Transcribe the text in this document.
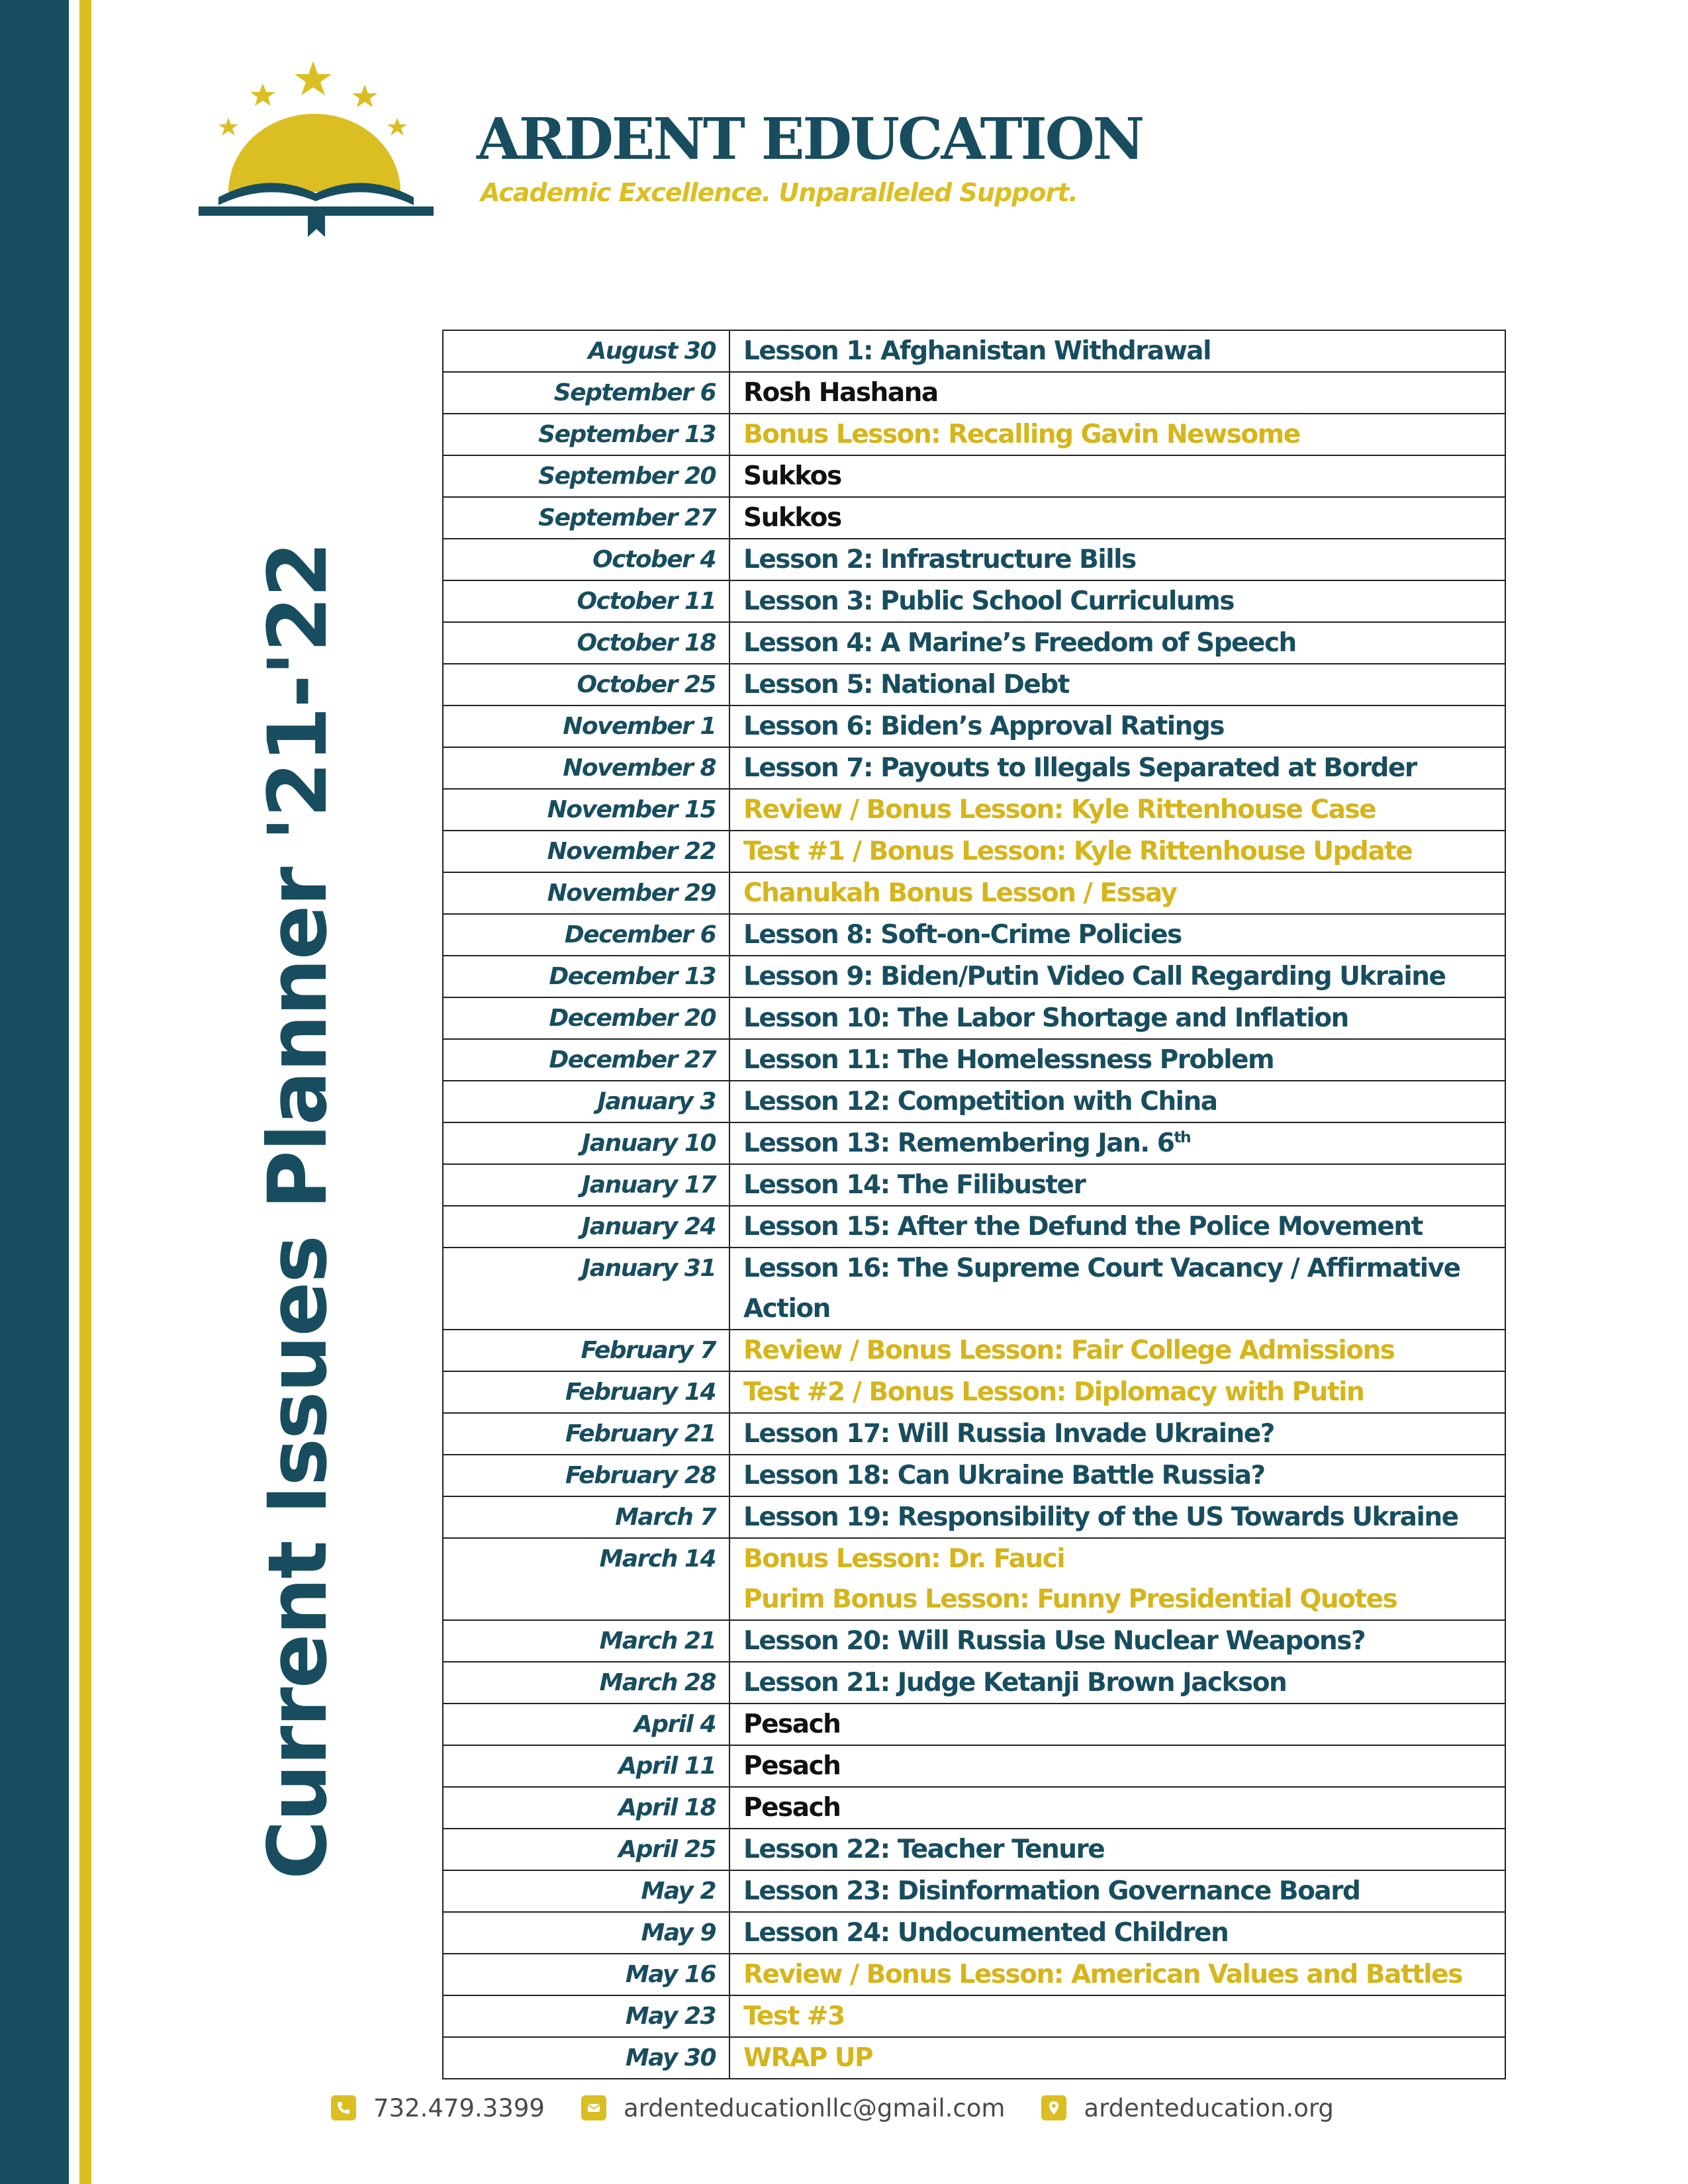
ARDENT EDUCATION
Academic Excellence. Unparalleled Support.
Current Issues Planner '21-'22
August 30	Lesson 1: Afghanistan Withdrawal

September 6	Rosh Hashana

September 13	Bonus Lesson: Recalling Gavin Newsome

September 20	Sukkos

September 27	Sukkos

October 4	Lesson 2: Infrastructure Bills

October 11	Lesson 3: Public School Curriculums

October 18	Lesson 4: A Marine’s Freedom of Speech

October 25	Lesson 5: National Debt

November 1	Lesson 6: Biden’s Approval Ratings

November 8	Lesson 7: Payouts to Illegals Separated at Border

November 15	Review / Bonus Lesson: Kyle Rittenhouse Case

November 22	Test #1 / Bonus Lesson: Kyle Rittenhouse Update

November 29	Chanukah Bonus Lesson / Essay

December 6	Lesson 8: Soft-on-Crime Policies

December 13	Lesson 9: Biden/Putin Video Call Regarding Ukraine

December 20	Lesson 10: The Labor Shortage and Inflation

December 27	Lesson 11: The Homelessness Problem

January 3	Lesson 12: Competition with China

January 10	Lesson 13: Remembering Jan. 6th

January 17	Lesson 14: The Filibuster

January 24	Lesson 15: After the Defund the Police Movement

January 31	Lesson 16: The Supreme Court Vacancy / Affirmative
Action

February 7	Review / Bonus Lesson: Fair College Admissions

February 14	Test #2 / Bonus Lesson: Diplomacy with Putin

February 21	Lesson 17: Will Russia Invade Ukraine?

February 28	Lesson 18: Can Ukraine Battle Russia?

March 7	Lesson 19: Responsibility of the US Towards Ukraine

March 14	Bonus Lesson: Dr. Fauci
Purim Bonus Lesson: Funny Presidential Quotes

March 21	Lesson 20: Will Russia Use Nuclear Weapons?

March 28	Lesson 21: Judge Ketanji Brown Jackson

April 4	Pesach

April 11	Pesach

April 18	Pesach

April 25	Lesson 22: Teacher Tenure

May 2	Lesson 23: Disinformation Governance Board

May 9	Lesson 24: Undocumented Children

May 16	Review / Bonus Lesson: American Values and Battles

May 23	Test #3

May 30	WRAP UP
732.479.3399	ardenteducationllc@gmail.com	ardenteducation.org
